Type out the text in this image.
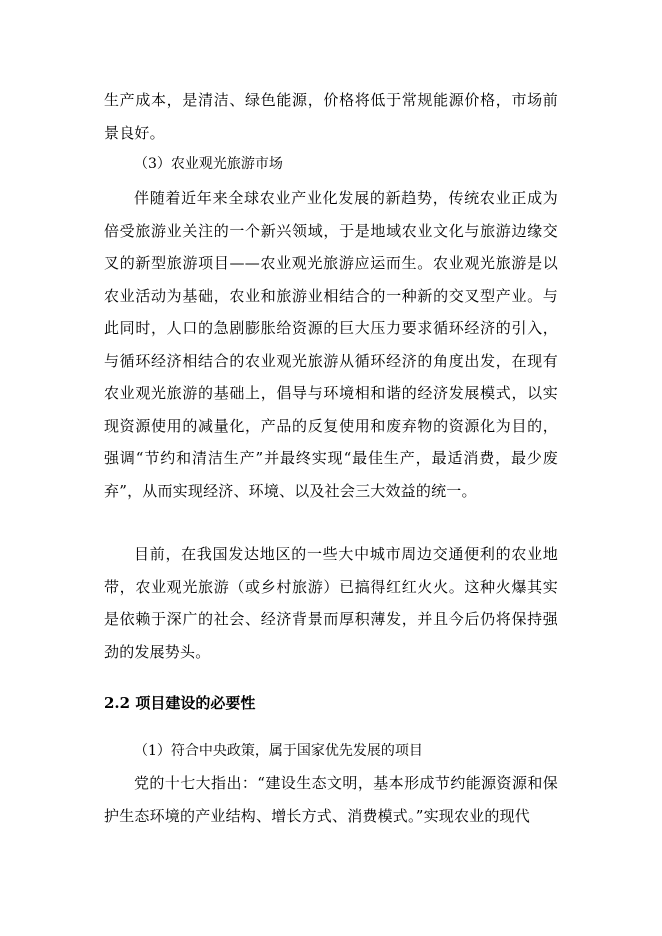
生产成本，是清洁、绿色能源，价格将低于常规能源价格，市场前景良好。

（3）农业观光旅游市场

伴随着近年来全球农业产业化发展的新趋势，传统农业正成为倍受旅游业关注的一个新兴领域，于是地域农业文化与旅游边缘交叉的新型旅游项目——农业观光旅游应运而生。农业观光旅游是以农业活动为基础，农业和旅游业相结合的一种新的交叉型产业。与此同时，人口的急剧膨胀给资源的巨大压力要求循环经济的引入，与循环经济相结合的农业观光旅游从循环经济的角度出发，在现有农业观光旅游的基础上，倡导与环境相和谐的经济发展模式，以实现资源使用的减量化，产品的反复使用和废弃物的资源化为目的，强调“节约和清洁生产”并最终实现“最佳生产，最适消费，最少废弃”，从而实现经济、环境、以及社会三大效益的统一。

目前，在我国发达地区的一些大中城市周边交通便利的农业地带，农业观光旅游（或乡村旅游）已搞得红红火火。这种火爆其实是依赖于深广的社会、经济背景而厚积薄发，并且今后仍将保持强劲的发展势头。

2.2 项目建设的必要性

（1）符合中央政策，属于国家优先发展的项目

党的十七大指出：“建设生态文明，基本形成节约能源资源和保护生态环境的产业结构、增长方式、消费模式。”实现农业的现代
